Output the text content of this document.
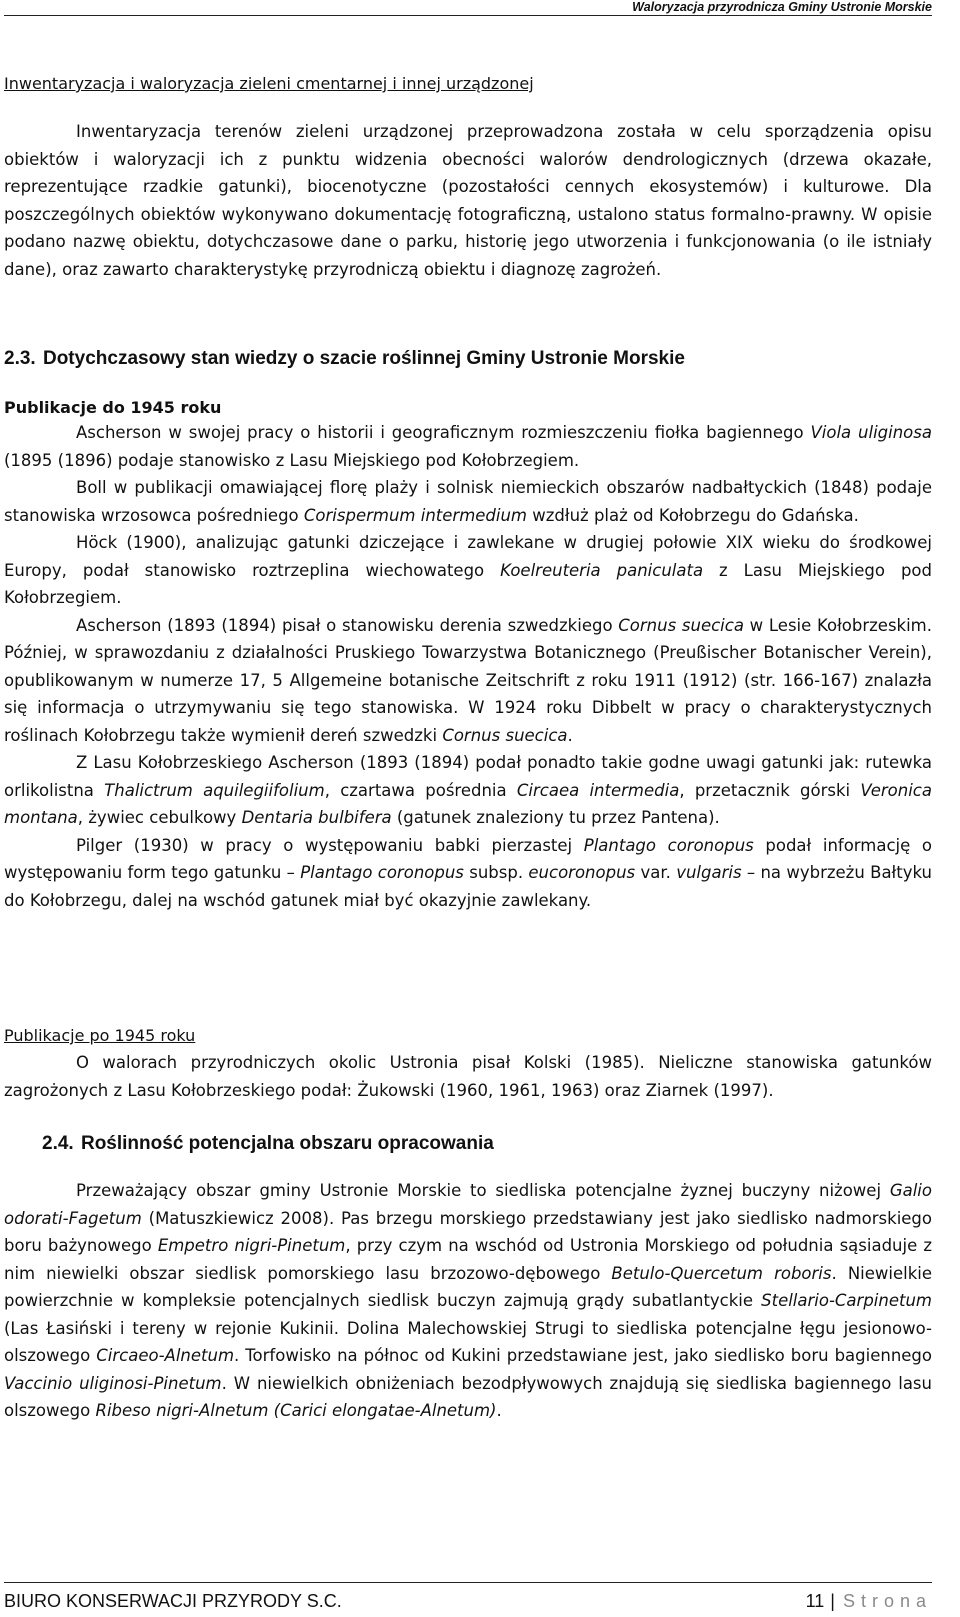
Waloryzacja przyrodnicza Gminy Ustronie Morskie

Inwentaryzacja i waloryzacja zieleni cmentarnej i innej urządzonej

Inwentaryzacja terenów zieleni urządzonej przeprowadzona została w celu sporządzenia opisu obiektów i waloryzacji ich z punktu widzenia obecności walorów dendrologicznych (drzewa okazałe, reprezentujące rzadkie gatunki), biocenotyczne (pozostałości cennych ekosystemów) i kulturowe. Dla poszczególnych obiektów wykonywano dokumentację fotograficzną, ustalono status formalno-prawny. W opisie podano nazwę obiektu, dotychczasowe dane o parku, historię jego utworzenia i funkcjonowania (o ile istniały dane), oraz zawarto charakterystykę przyrodniczą obiektu i diagnozę zagrożeń.

2.3. Dotychczasowy stan wiedzy o szacie roślinnej Gminy Ustronie Morskie

Publikacje do 1945 roku

Ascherson w swojej pracy o historii i geograficznym rozmieszczeniu fiołka bagiennego Viola uliginosa (1895 (1896) podaje stanowisko z Lasu Miejskiego pod Kołobrzegiem.

Boll w publikacji omawiającej florę plaży i solnisk niemieckich obszarów nadbałtyckich (1848) podaje stanowiska wrzosowca pośredniego Corispermum intermedium wzdłuż plaż od Kołobrzegu do Gdańska.

Höck (1900), analizując gatunki dziczejące i zawlekane w drugiej połowie XIX wieku do środkowej Europy, podał stanowisko roztrzeplina wiechowatego Koelreuteria paniculata z Lasu Miejskiego pod Kołobrzegiem.

Ascherson (1893 (1894) pisał o stanowisku derenia szwedzkiego Cornus suecica w Lesie Kołobrzeskim. Później, w sprawozdaniu z działalności Pruskiego Towarzystwa Botanicznego (Preußischer Botanischer Verein), opublikowanym w numerze 17, 5 Allgemeine botanische Zeitschrift z roku 1911 (1912) (str. 166-167) znalazła się informacja o utrzymywaniu się tego stanowiska. W 1924 roku Dibbelt w pracy o charakterystycznych roślinach Kołobrzegu także wymienił dereń szwedzki Cornus suecica.

Z Lasu Kołobrzeskiego Ascherson (1893 (1894) podał ponadto takie godne uwagi gatunki jak: rutewka orlikolistna Thalictrum aquilegiifolium, czartawa pośrednia Circaea intermedia, przetacznik górski Veronica montana, żywiec cebulkowy Dentaria bulbifera (gatunek znaleziony tu przez Pantena).

Pilger (1930) w pracy o występowaniu babki pierzastej Plantago coronopus podał informację o występowaniu form tego gatunku – Plantago coronopus subsp. eucoronopus var. vulgaris – na wybrzeżu Bałtyku do Kołobrzegu, dalej na wschód gatunek miał być okazyjnie zawlekany.

Publikacje po 1945 roku

O walorach przyrodniczych okolic Ustronia pisał Kolski (1985). Nieliczne stanowiska gatunków zagrożonych z Lasu Kołobrzeskiego podał: Żukowski (1960, 1961, 1963) oraz Ziarnek (1997).

2.4. Roślinność potencjalna obszaru opracowania

Przeważający obszar gminy Ustronie Morskie to siedliska potencjalne żyznej buczyny niżowej Galio odorati-Fagetum (Matuszkiewicz 2008). Pas brzegu morskiego przedstawiany jest jako siedlisko nadmorskiego boru bażynowego Empetro nigri-Pinetum, przy czym na wschód od Ustronia Morskiego od południa sąsiaduje z nim niewielki obszar siedlisk pomorskiego lasu brzozowo-dębowego Betulo-Quercetum roboris. Niewielkie powierzchnie w kompleksie potencjalnych siedlisk buczyn zajmują grądy subatlantyckie Stellario-Carpinetum (Las Łasiński i tereny w rejonie Kukinii. Dolina Malechowskiej Strugi to siedliska potencjalne łęgu jesionowo-olszowego Circaeo-Alnetum. Torfowisko na północ od Kukini przedstawiane jest, jako siedlisko boru bagiennego Vaccinio uliginosi-Pinetum. W niewielkich obniżeniach bezodpływowych znajdują się siedliska bagiennego lasu olszowego Ribeso nigri-Alnetum (Carici elongatae-Alnetum).

BIURO KONSERWACJI PRZYRODY S.C.	11 | Strona
